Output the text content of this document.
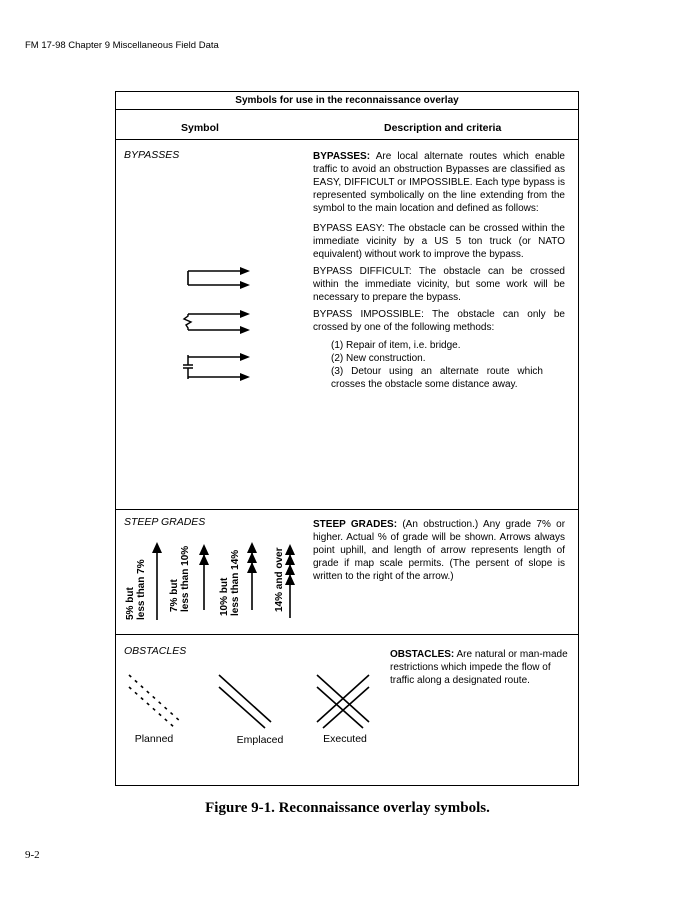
FM 17-98 Chapter 9 Miscellaneous Field Data
Symbols for use in the reconnaissance overlay
Symbol	Description and criteria
BYPASSES	BYPASSES: Are local alternate routes which enable traffic to avoid an obstruction Bypasses are classified as EASY, DIFFICULT or IMPOSSIBLE. Each type bypass is represented symbolically on the line extending from the symbol to the main location and defined as follows:
BYPASS EASY: The obstacle can be crossed within the immediate vicinity by a US 5 ton truck (or NATO equivalent) without work to improve the bypass.
BYPASS DIFFICULT: The obstacle can be crossed within the immediate vicinity, but some work will be necessary to prepare the bypass.
BYPASS IMPOSSIBLE: The obstacle can only be crossed by one of the following methods:
(1) Repair of item, i.e. bridge.
(2) New construction.
(3) Detour using an alternate route which crosses the obstacle some distance away.
STEEP GRADES	STEEP GRADES: (An obstruction.) Any grade 7% or higher. Actual % of grade will be shown. Arrows always point uphill, and length of arrow represents length of grade if map scale permits. (The persent of slope is written to the right of the arrow.)
5% but less than 7% 7% but less than 10%	10% but less than 14%	14% and over
OBSTACLES	OBSTACLES: Are natural or man-made restrictions which impede the flow of traffic along a designated route.
Planned	Emplaced	Executed
Figure 9-1. Reconnaissance overlay symbols.
9-2
